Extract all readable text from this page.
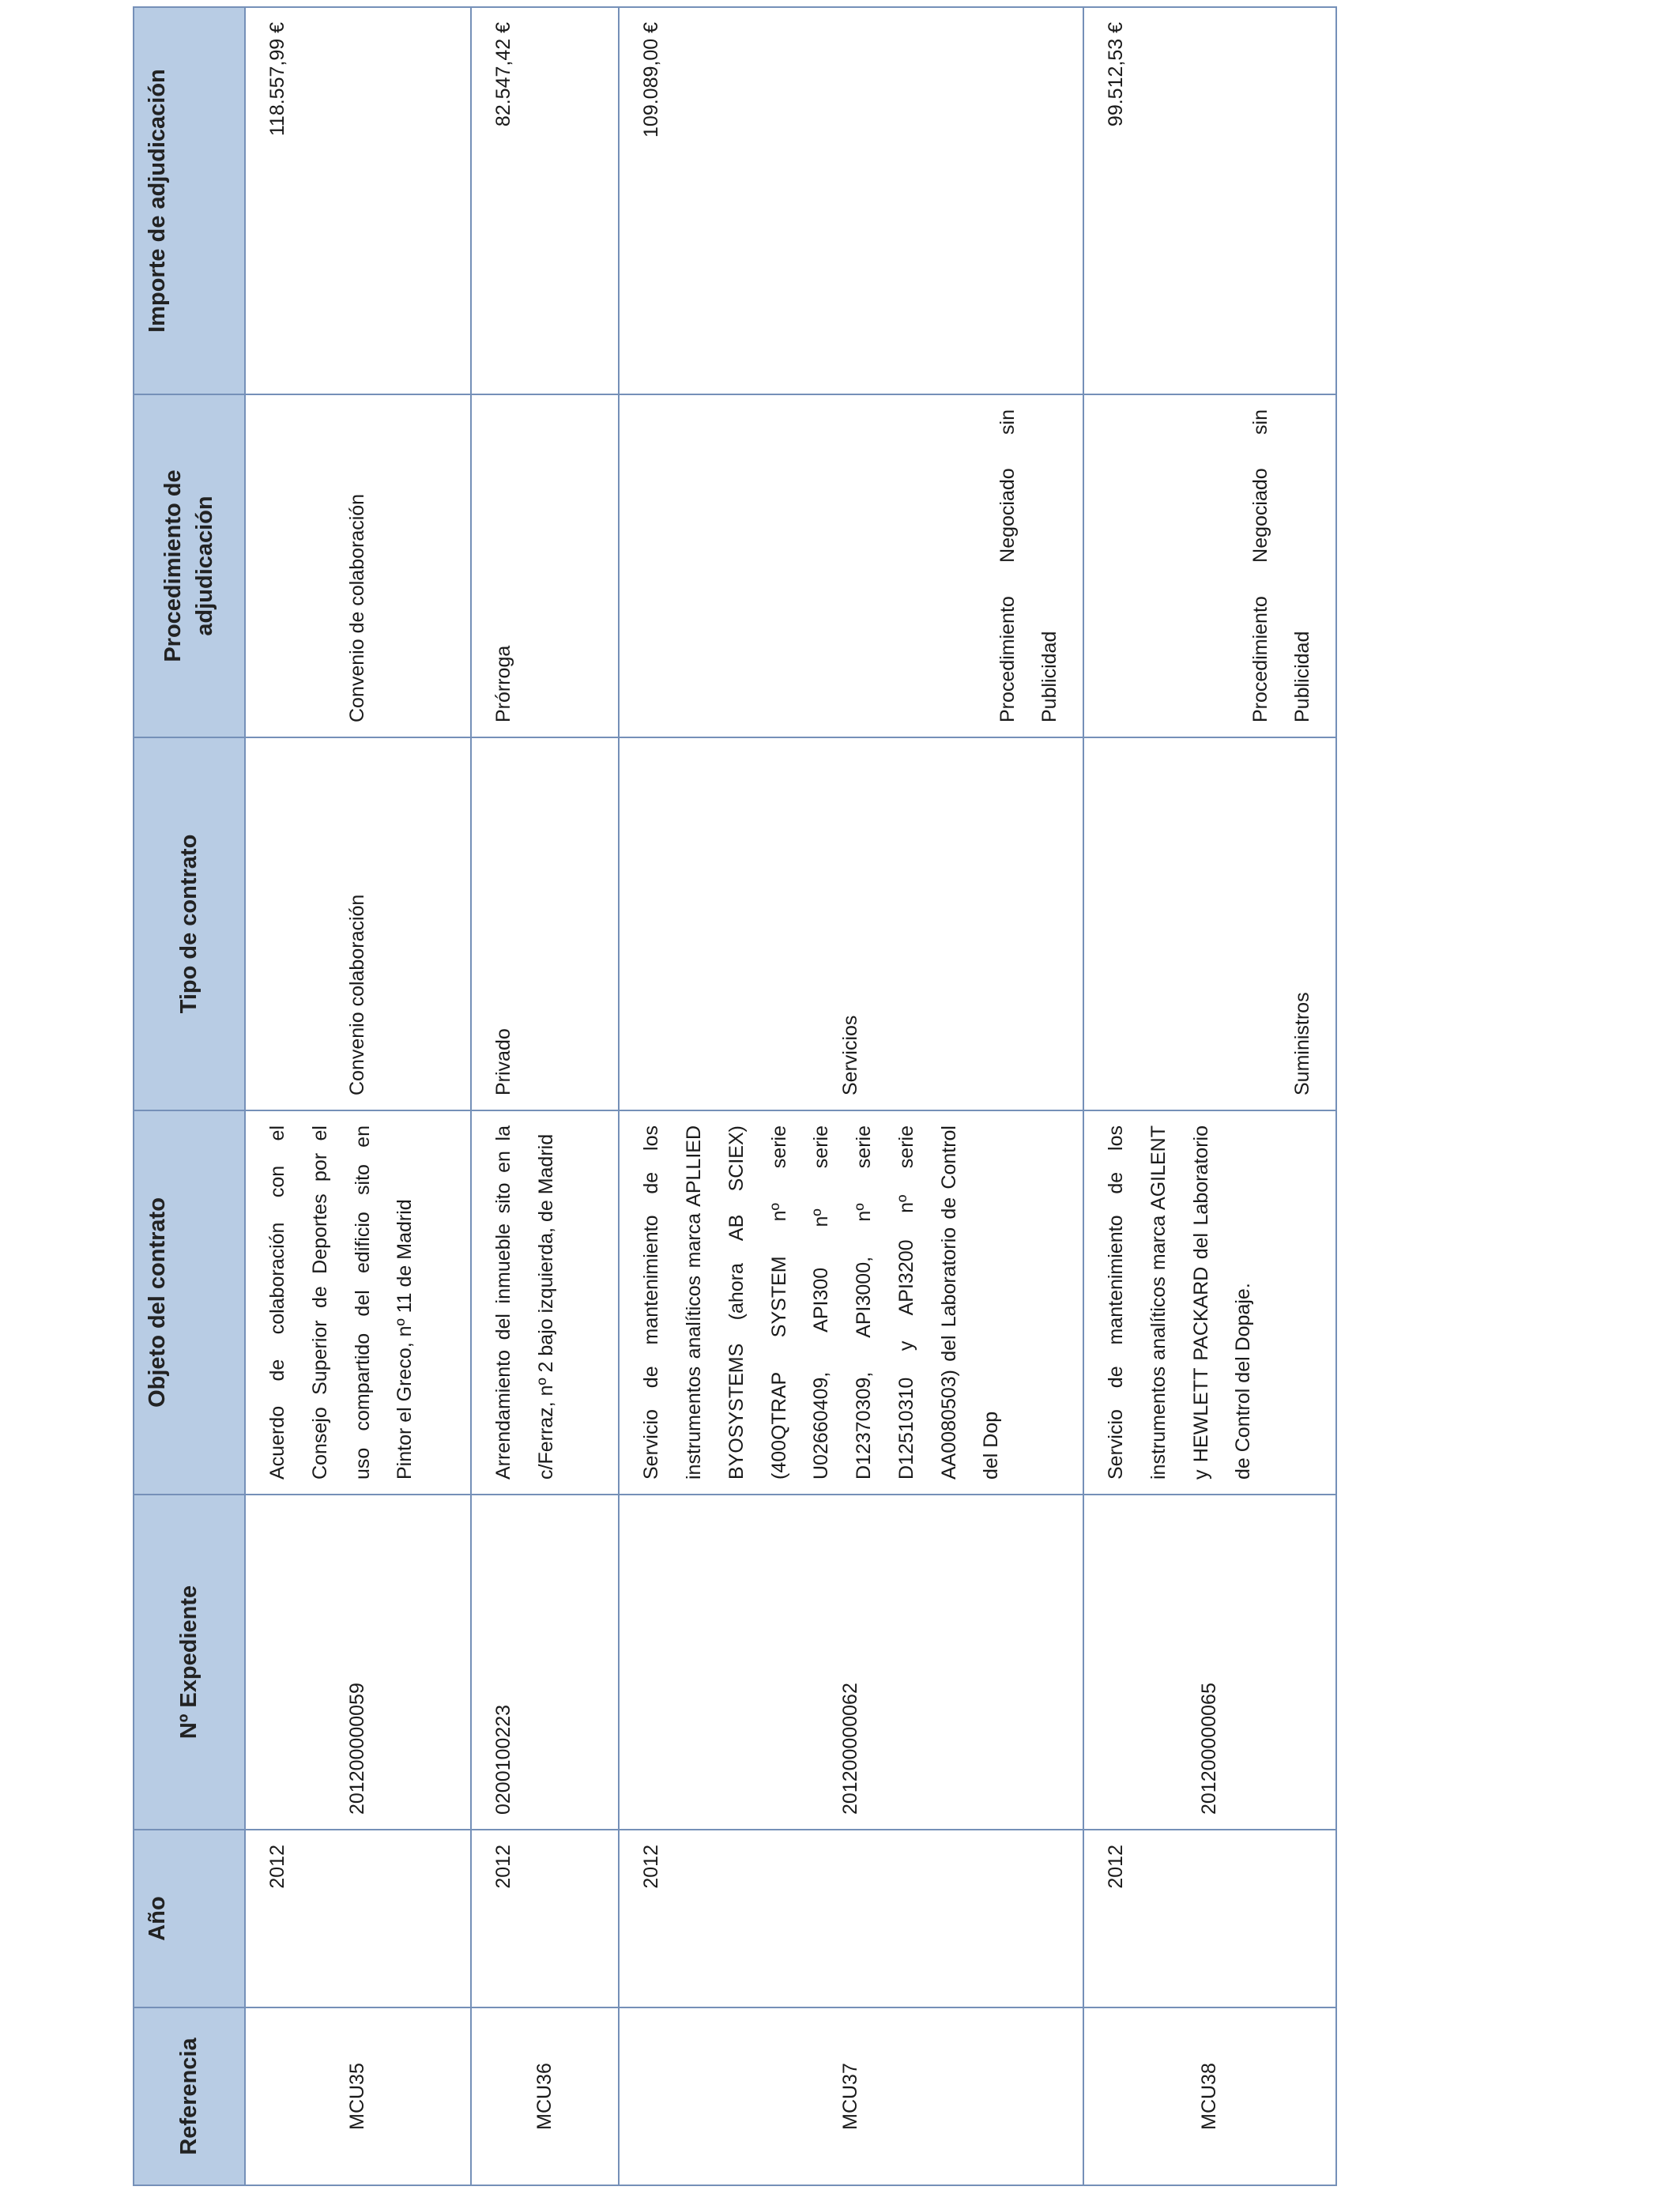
Referencia	Año	Nº Expediente	Objeto del contrato	Tipo de contrato	Procedimiento de adjudicación	Importe de adjudicación
MCU35	2012	201200000059	Acuerdo de colaboración con el Consejo Superior de Deportes por el uso compartido del edificio sito en Pintor el Greco, nº 11 de Madrid	Convenio colaboración	Convenio de colaboración	118.557,99 €
MCU36	2012	0200100223	Arrendamiento del inmueble sito en la c/Ferraz, nº 2 bajo izquierda, de Madrid	Privado	Prórroga	82.547,42 €
MCU37	2012	201200000062	Servicio de mantenimiento de los instrumentos analíticos marca APLLIED BYOSYSTEMS (ahora AB SCIEX) (400QTRAP SYSTEM nº serie U02660409, API300 nº serie D12370309, API3000, nº serie D12510310 y API3200 nº serie AA0080503) del Laboratorio de Control del Dop	Servicios	Procedimiento Negociado sin Publicidad	109.089,00 €
MCU38	2012	201200000065	Servicio de mantenimiento de los instrumentos analíticos marca AGILENT y HEWLETT PACKARD del Laboratorio de Control del Dopaje.	Suministros	Procedimiento Negociado sin Publicidad	99.512,53 €
